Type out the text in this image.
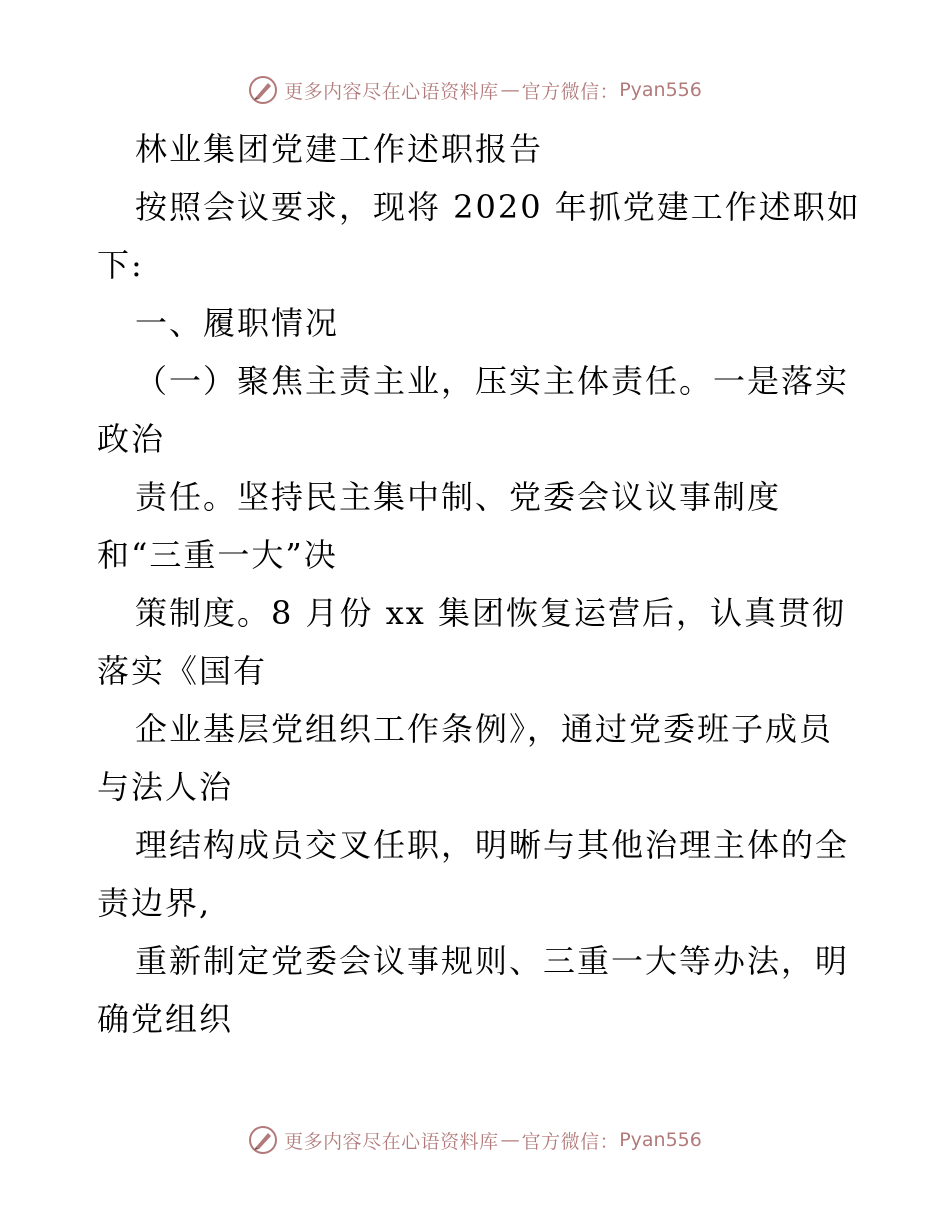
更多内容尽在心语资料库 — 官方微信： Pyan556
林业集团党建工作述职报告
按照会议要求，现将 2020 年抓党建工作述职如
下:
一、履职情况
（一）聚焦主责主业，压实主体责任。一是落实
政治
责任。坚持民主集中制、党委会议议事制度
和“三重一大”决
策制度。8 月份 xx 集团恢复运营后，认真贯彻
落实《国有
企业基层党组织工作条例》，通过党委班子成员
与法人治
理结构成员交叉任职，明晰与其他治理主体的全
责边界,
重新制定党委会议事规则、三重一大等办法，明
确党组织
更多内容尽在心语资料库 — 官方微信： Pyan556
